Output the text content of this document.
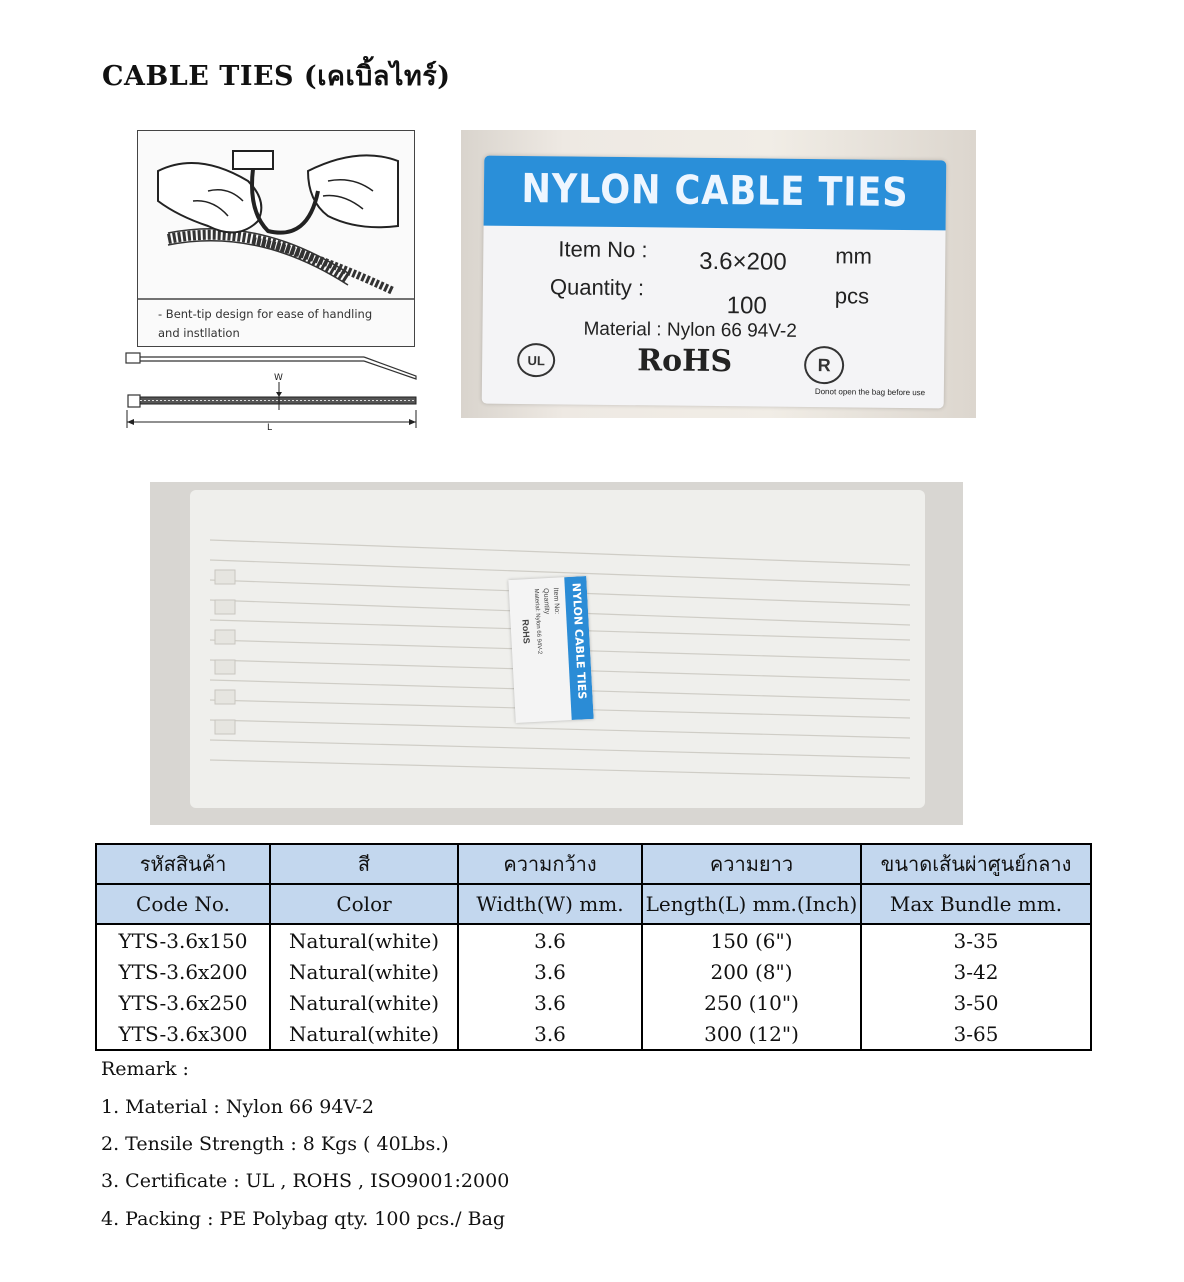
CABLE TIES (เคเบิ้ลไทร์)
- Bent-tip design for ease of handling
and instllation
W
L
NYLON CABLE TIES
Item No : 3.6×200 mm
Quantity :
100	pcs
Material : Nylon 66 94V-2
UL	RoHS	R
Donot open the bag before use
NYLON CABLE TIES
Item No:
Quantity
Material: Nylon 66 94V-2
RoHS
รหัสสินค้า	สี	ความกว้าง	ความยาว	ขนาดเส้นผ่าศูนย์กลาง
Code No.	Color	Width(W) mm.	Length(L) mm.(Inch)	Max Bundle mm.
YTS-3.6x150	Natural(white)	3.6	150 (6")	3-35
YTS-3.6x200	Natural(white)	3.6	200 (8")	3-42
YTS-3.6x250	Natural(white)	3.6	250 (10")	3-50
YTS-3.6x300	Natural(white)	3.6	300 (12")	3-65
Remark :
1. Material : Nylon 66 94V-2
2. Tensile Strength : 8 Kgs ( 40Lbs.)
3. Certificate : UL , ROHS , ISO9001:2000
4. Packing : PE Polybag qty. 100 pcs./ Bag
